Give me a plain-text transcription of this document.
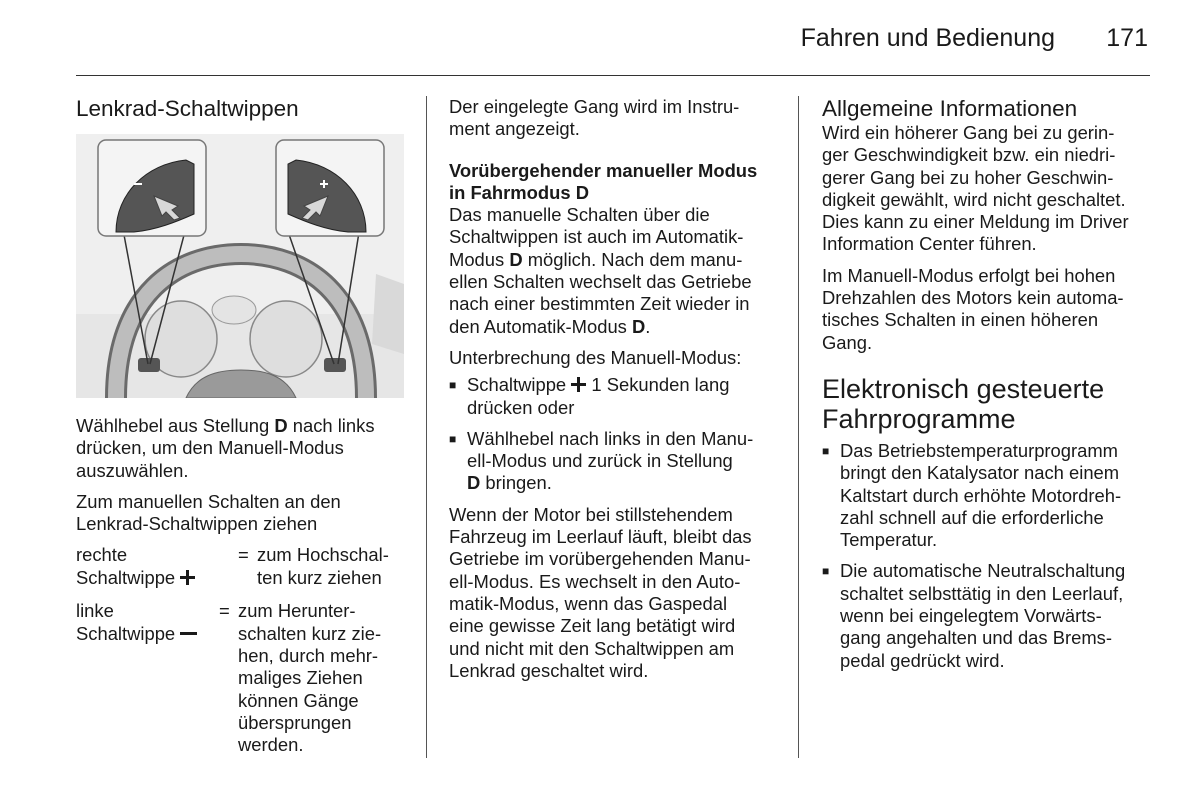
Fahren und Bedienung 171

Lenkrad-Schaltwippen

Wählhebel aus Stellung D nach links
drücken, um den Manuell-Modus
auszuwählen.

Zum manuellen Schalten an den
Lenkrad-Schaltwippen ziehen

rechte
Schaltwippe
= zum Hochschal-
ten kurz ziehen
linke
Schaltwippe
= zum Herunter-
schalten kurz zie-
hen, durch mehr-
maliges Ziehen
können Gänge
übersprungen
werden.

Der eingelegte Gang wird im Instru-
ment angezeigt.

Vorübergehender manueller Modus
in Fahrmodus D

Das manuelle Schalten über die
Schaltwippen ist auch im Automatik-
Modus D möglich. Nach dem manu-
ellen Schalten wechselt das Getriebe
nach einer bestimmten Zeit wieder in
den Automatik-Modus D.

Unterbrechung des Manuell-Modus:

■ Schaltwippe  1 Sekunden lang
drücken oder
■ Wählhebel nach links in den Manu-
ell-Modus und zurück in Stellung
D bringen.

Wenn der Motor bei stillstehendem
Fahrzeug im Leerlauf läuft, bleibt das
Getriebe im vorübergehenden Manu-
ell-Modus. Es wechselt in den Auto-
matik-Modus, wenn das Gaspedal
eine gewisse Zeit lang betätigt wird
und nicht mit den Schaltwippen am
Lenkrad geschaltet wird.

Allgemeine Informationen

Wird ein höherer Gang bei zu gerin-
ger Geschwindigkeit bzw. ein niedri-
gerer Gang bei zu hoher Geschwin-
digkeit gewählt, wird nicht geschaltet.
Dies kann zu einer Meldung im Driver
Information Center führen.

Im Manuell-Modus erfolgt bei hohen
Drehzahlen des Motors kein automa-
tisches Schalten in einen höheren
Gang.

Elektronisch gesteuerte
Fahrprogramme

■ Das Betriebstemperaturprogramm
bringt den Katalysator nach einem
Kaltstart durch erhöhte Motordreh-
zahl schnell auf die erforderliche
Temperatur.
■ Die automatische Neutralschaltung
schaltet selbsttätig in den Leerlauf,
wenn bei eingelegtem Vorwärts-
gang angehalten und das Brems-
pedal gedrückt wird.
